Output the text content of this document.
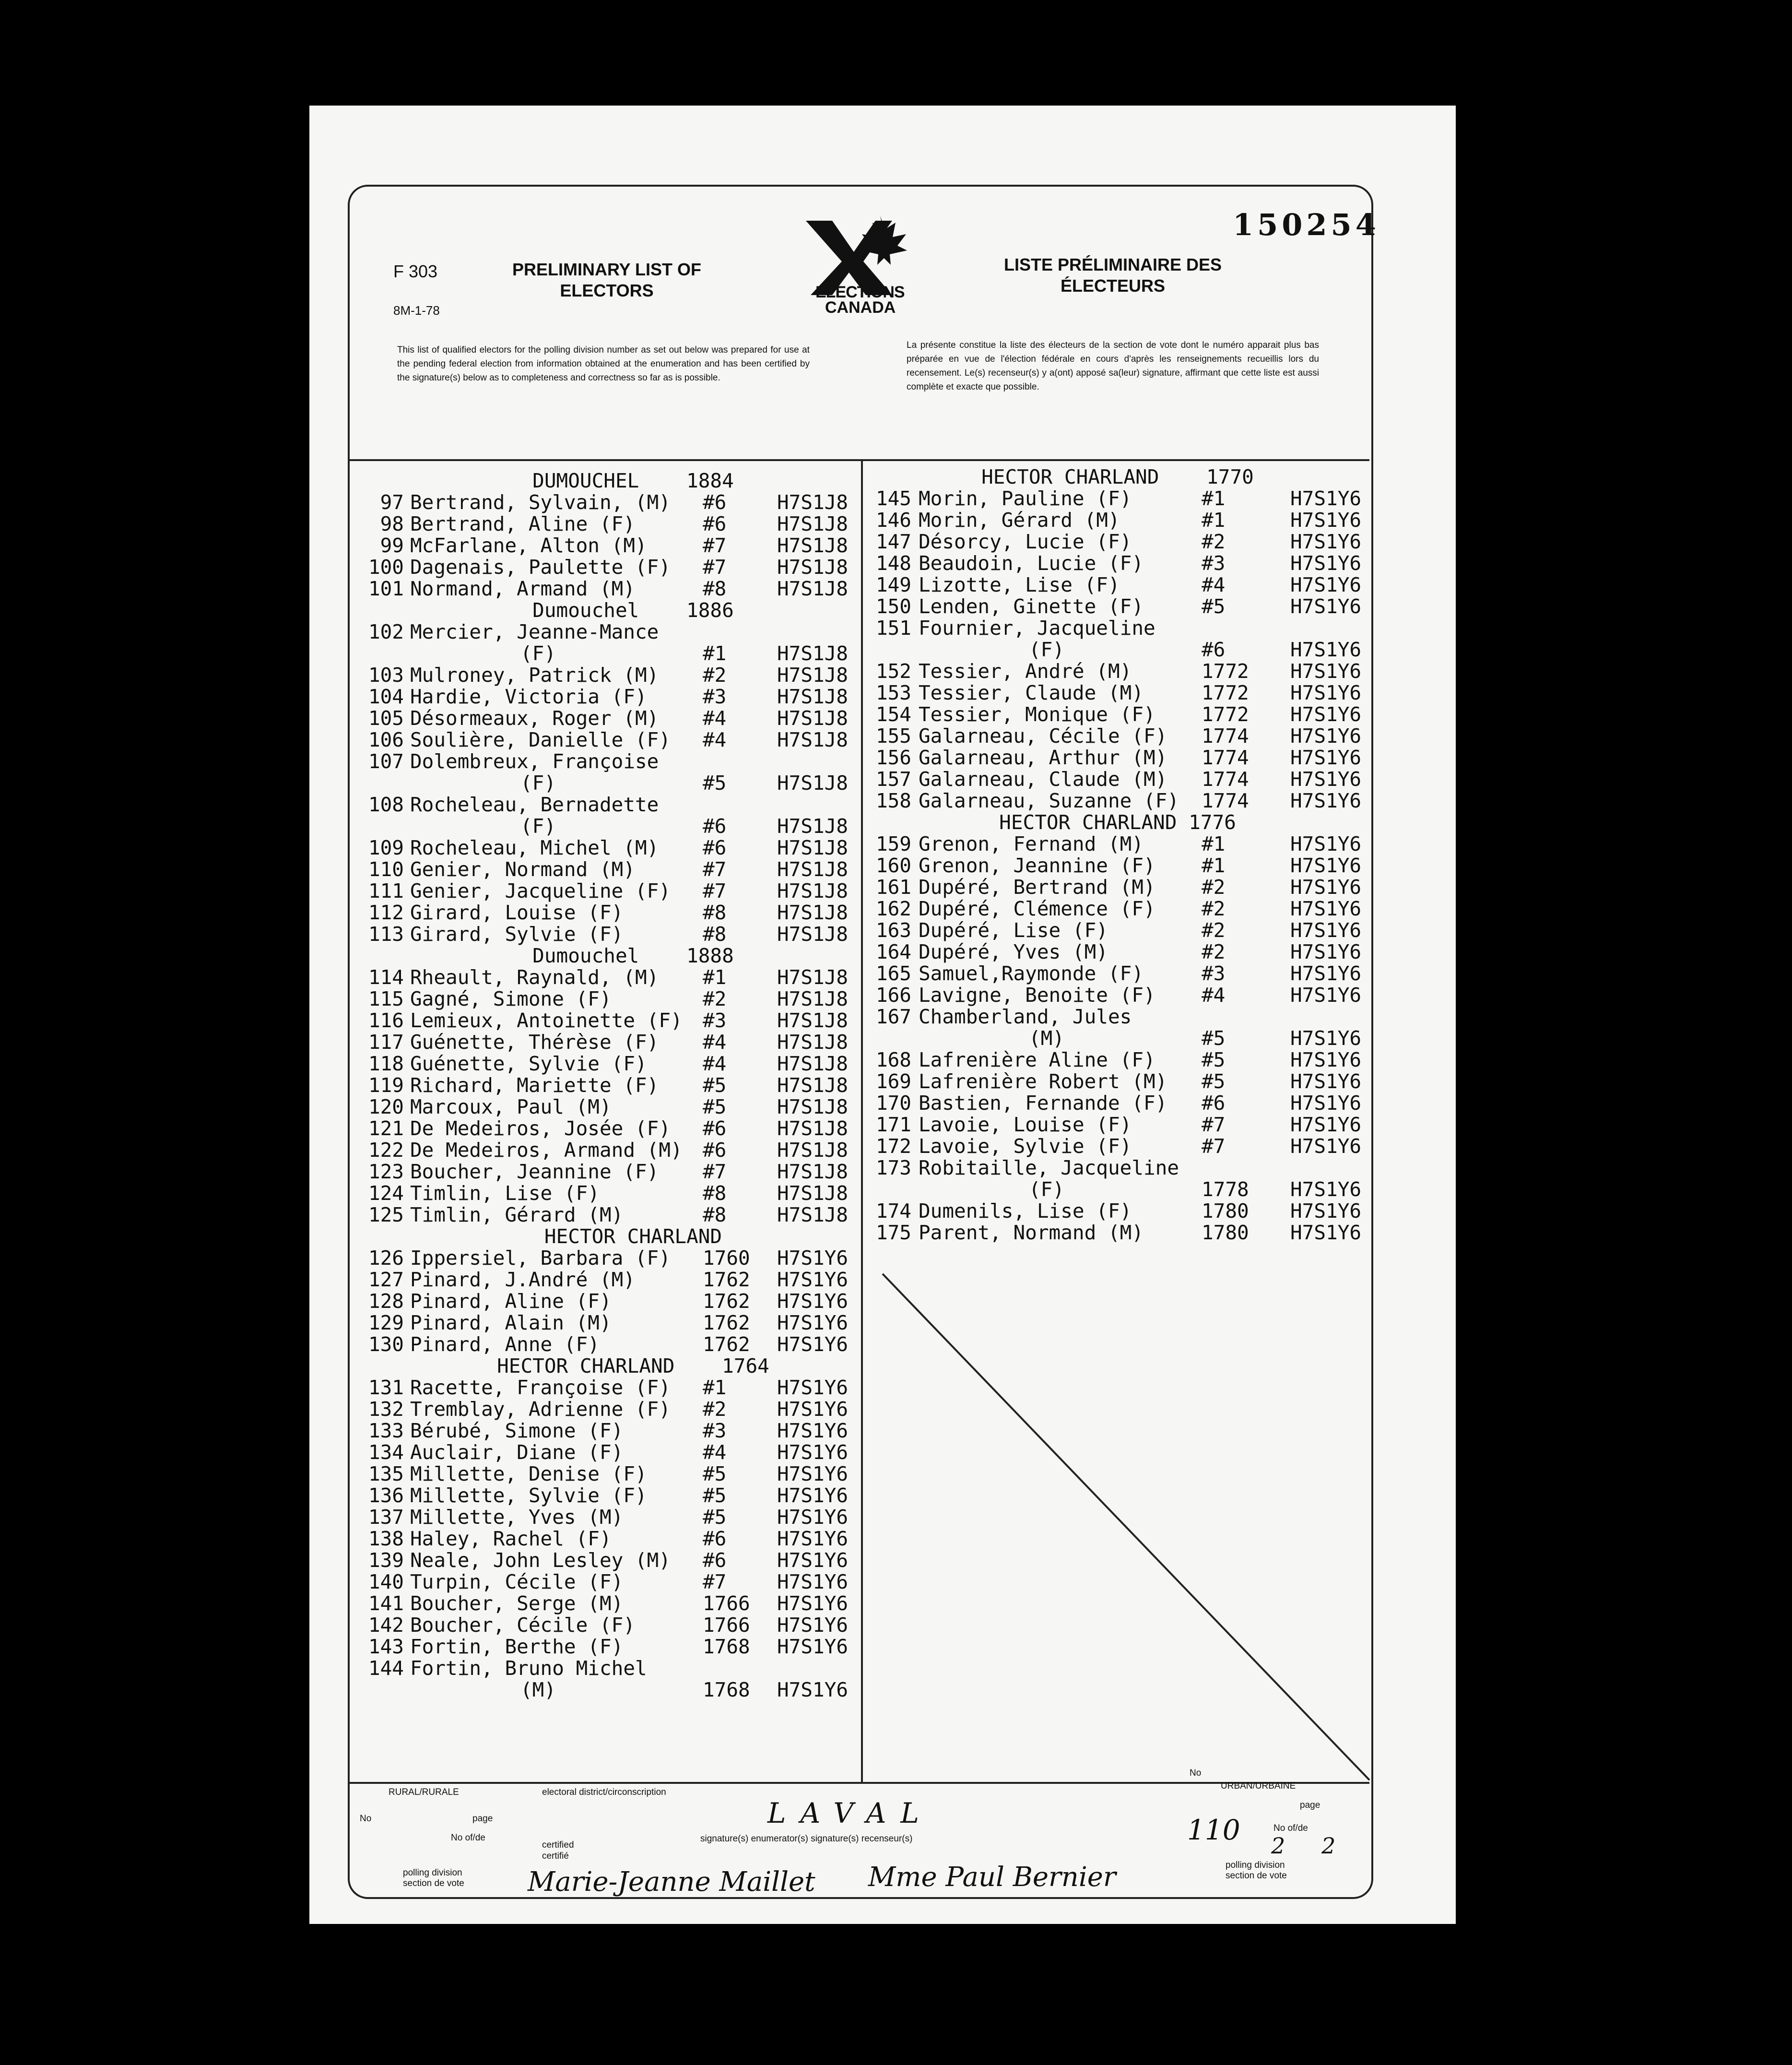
150254
F 303
8M-1-78
PRELIMINARY LIST OF ELECTORS
LISTE PRÉLIMINAIRE DES ÉLECTEURS
ELECTIONS
CANADA
This list of qualified electors for the polling division number as set out below was prepared for use at the pending federal election from information obtained at the enumeration and has been certified by the signature(s) below as to completeness and correctness so far as is possible.
La présente constitue la liste des électeurs de la section de vote dont le numéro apparait plus bas préparée en vue de l'élection fédérale en cours d'après les renseignements recueillis lors du recensement. Le(s) recenseur(s) y a(ont) apposé sa(leur) signature, affirmant que cette liste est aussi complète et exacte que possible.
DUMOUCHEL    1884
97 Bertrand, Sylvain, (M) #6	H7S1J8
98 Bertrand, Aline (F)	#6	H7S1J8
99 McFarlane, Alton (M)	#7	H7S1J8
100 Dagenais, Paulette (F) #7	H7S1J8
101 Normand, Armand (M)	#8	H7S1J8
Dumouchel    1886
102 Mercier, Jeanne-Mance
(F)	#1	H7S1J8
103 Mulroney, Patrick (M) #2	H7S1J8
104 Hardie, Victoria (F)	#3	H7S1J8
105 Désormeaux, Roger (M) #4	H7S1J8
106 Soulière, Danielle (F) #4	H7S1J8
107 Dolembreux, Françoise
(F)	#5	H7S1J8
108 Rocheleau, Bernadette
(F)	#6	H7S1J8
109 Rocheleau, Michel (M) #6	H7S1J8
110 Genier, Normand (M)	#7	H7S1J8
111 Genier, Jacqueline (F) #7	H7S1J8
112 Girard, Louise (F)	#8	H7S1J8
113 Girard, Sylvie (F)	#8	H7S1J8
Dumouchel    1888
114 Rheault, Raynald, (M) #1	H7S1J8
115 Gagné, Simone (F)	#2	H7S1J8
116 Lemieux, Antoinette (F) #3	H7S1J8
117 Guénette, Thérèse (F) #4	H7S1J8
118 Guénette, Sylvie (F)	#4	H7S1J8
119 Richard, Mariette (F) #5	H7S1J8
120 Marcoux, Paul (M)	#5	H7S1J8
121 De Medeiros, Josée (F) #6	H7S1J8
122 De Medeiros, Armand (M) #6	H7S1J8
123 Boucher, Jeannine (F) #7	H7S1J8
124 Timlin, Lise (F)	#8	H7S1J8
125 Timlin, Gérard (M)	#8	H7S1J8
HECTOR CHARLAND
126 Ippersiel, Barbara (F) 1760 H7S1Y6
127 Pinard, J.André (M)	1762 H7S1Y6
128 Pinard, Aline (F)	1762 H7S1Y6
129 Pinard, Alain (M)	1762 H7S1Y6
130 Pinard, Anne (F)	1762 H7S1Y6
HECTOR CHARLAND    1764
131 Racette, Françoise (F) #1	H7S1Y6
132 Tremblay, Adrienne (F) #2	H7S1Y6
133 Bérubé, Simone (F)	#3	H7S1Y6
134 Auclair, Diane (F)	#4	H7S1Y6
135 Millette, Denise (F)	#5	H7S1Y6
136 Millette, Sylvie (F)	#5	H7S1Y6
137 Millette, Yves (M)	#5	H7S1Y6
138 Haley, Rachel (F)	#6	H7S1Y6
139 Neale, John Lesley (M) #6	H7S1Y6
140 Turpin, Cécile (F)	#7	H7S1Y6
141 Boucher, Serge (M)	1766 H7S1Y6
142 Boucher, Cécile (F)	1766 H7S1Y6
143 Fortin, Berthe (F)	1768 H7S1Y6
144 Fortin, Bruno Michel
(M)	1768 H7S1Y6
HECTOR CHARLAND    1770
145 Morin, Pauline (F)	#1	H7S1Y6
146 Morin, Gérard (M)	#1	H7S1Y6
147 Désorcy, Lucie (F)	#2	H7S1Y6
148 Beaudoin, Lucie (F)	#3	H7S1Y6
149 Lizotte, Lise (F)	#4	H7S1Y6
150 Lenden, Ginette (F)	#5	H7S1Y6
151 Fournier, Jacqueline
(F)	#6	H7S1Y6
152 Tessier, André (M)	1772 H7S1Y6
153 Tessier, Claude (M)	1772 H7S1Y6
154 Tessier, Monique (F) 1772 H7S1Y6
155 Galarneau, Cécile (F) 1774 H7S1Y6
156 Galarneau, Arthur (M) 1774 H7S1Y6
157 Galarneau, Claude (M) 1774 H7S1Y6
158 Galarneau, Suzanne (F) 1774 H7S1Y6
HECTOR CHARLAND 1776
159 Grenon, Fernand (M)	#1	H7S1Y6
160 Grenon, Jeannine (F) #1	H7S1Y6
161 Dupéré, Bertrand (M) #2	H7S1Y6
162 Dupéré, Clémence (F) #2	H7S1Y6
163 Dupéré, Lise (F)	#2	H7S1Y6
164 Dupéré, Yves (M)	#2	H7S1Y6
165 Samuel,Raymonde (F)	#3	H7S1Y6
166 Lavigne, Benoite (F) #4	H7S1Y6
167 Chamberland, Jules
(M)	#5	H7S1Y6
168 Lafrenière Aline (F) #5	H7S1Y6
169 Lafrenière Robert (M) #5	H7S1Y6
170 Bastien, Fernande (F) #6	H7S1Y6
171 Lavoie, Louise (F)	#7	H7S1Y6
172 Lavoie, Sylvie (F)	#7	H7S1Y6
173 Robitaille, Jacqueline
(F)	1778 H7S1Y6
174 Dumenils, Lise (F)	1780 H7S1Y6
175 Parent, Normand (M)	1780 H7S1Y6
RURAL/RURALE
No	page
No of/de
polling division
section de vote
electoral district/circonscription
certified
certifié
signature(s) enumerator(s) signature(s) recenseur(s)
URBAN/URBAINE
No
page
No of/de
polling division
section de vote
LAVAL
110 2 2
Marie-Jeanne Maillet Mme Paul Bernier
